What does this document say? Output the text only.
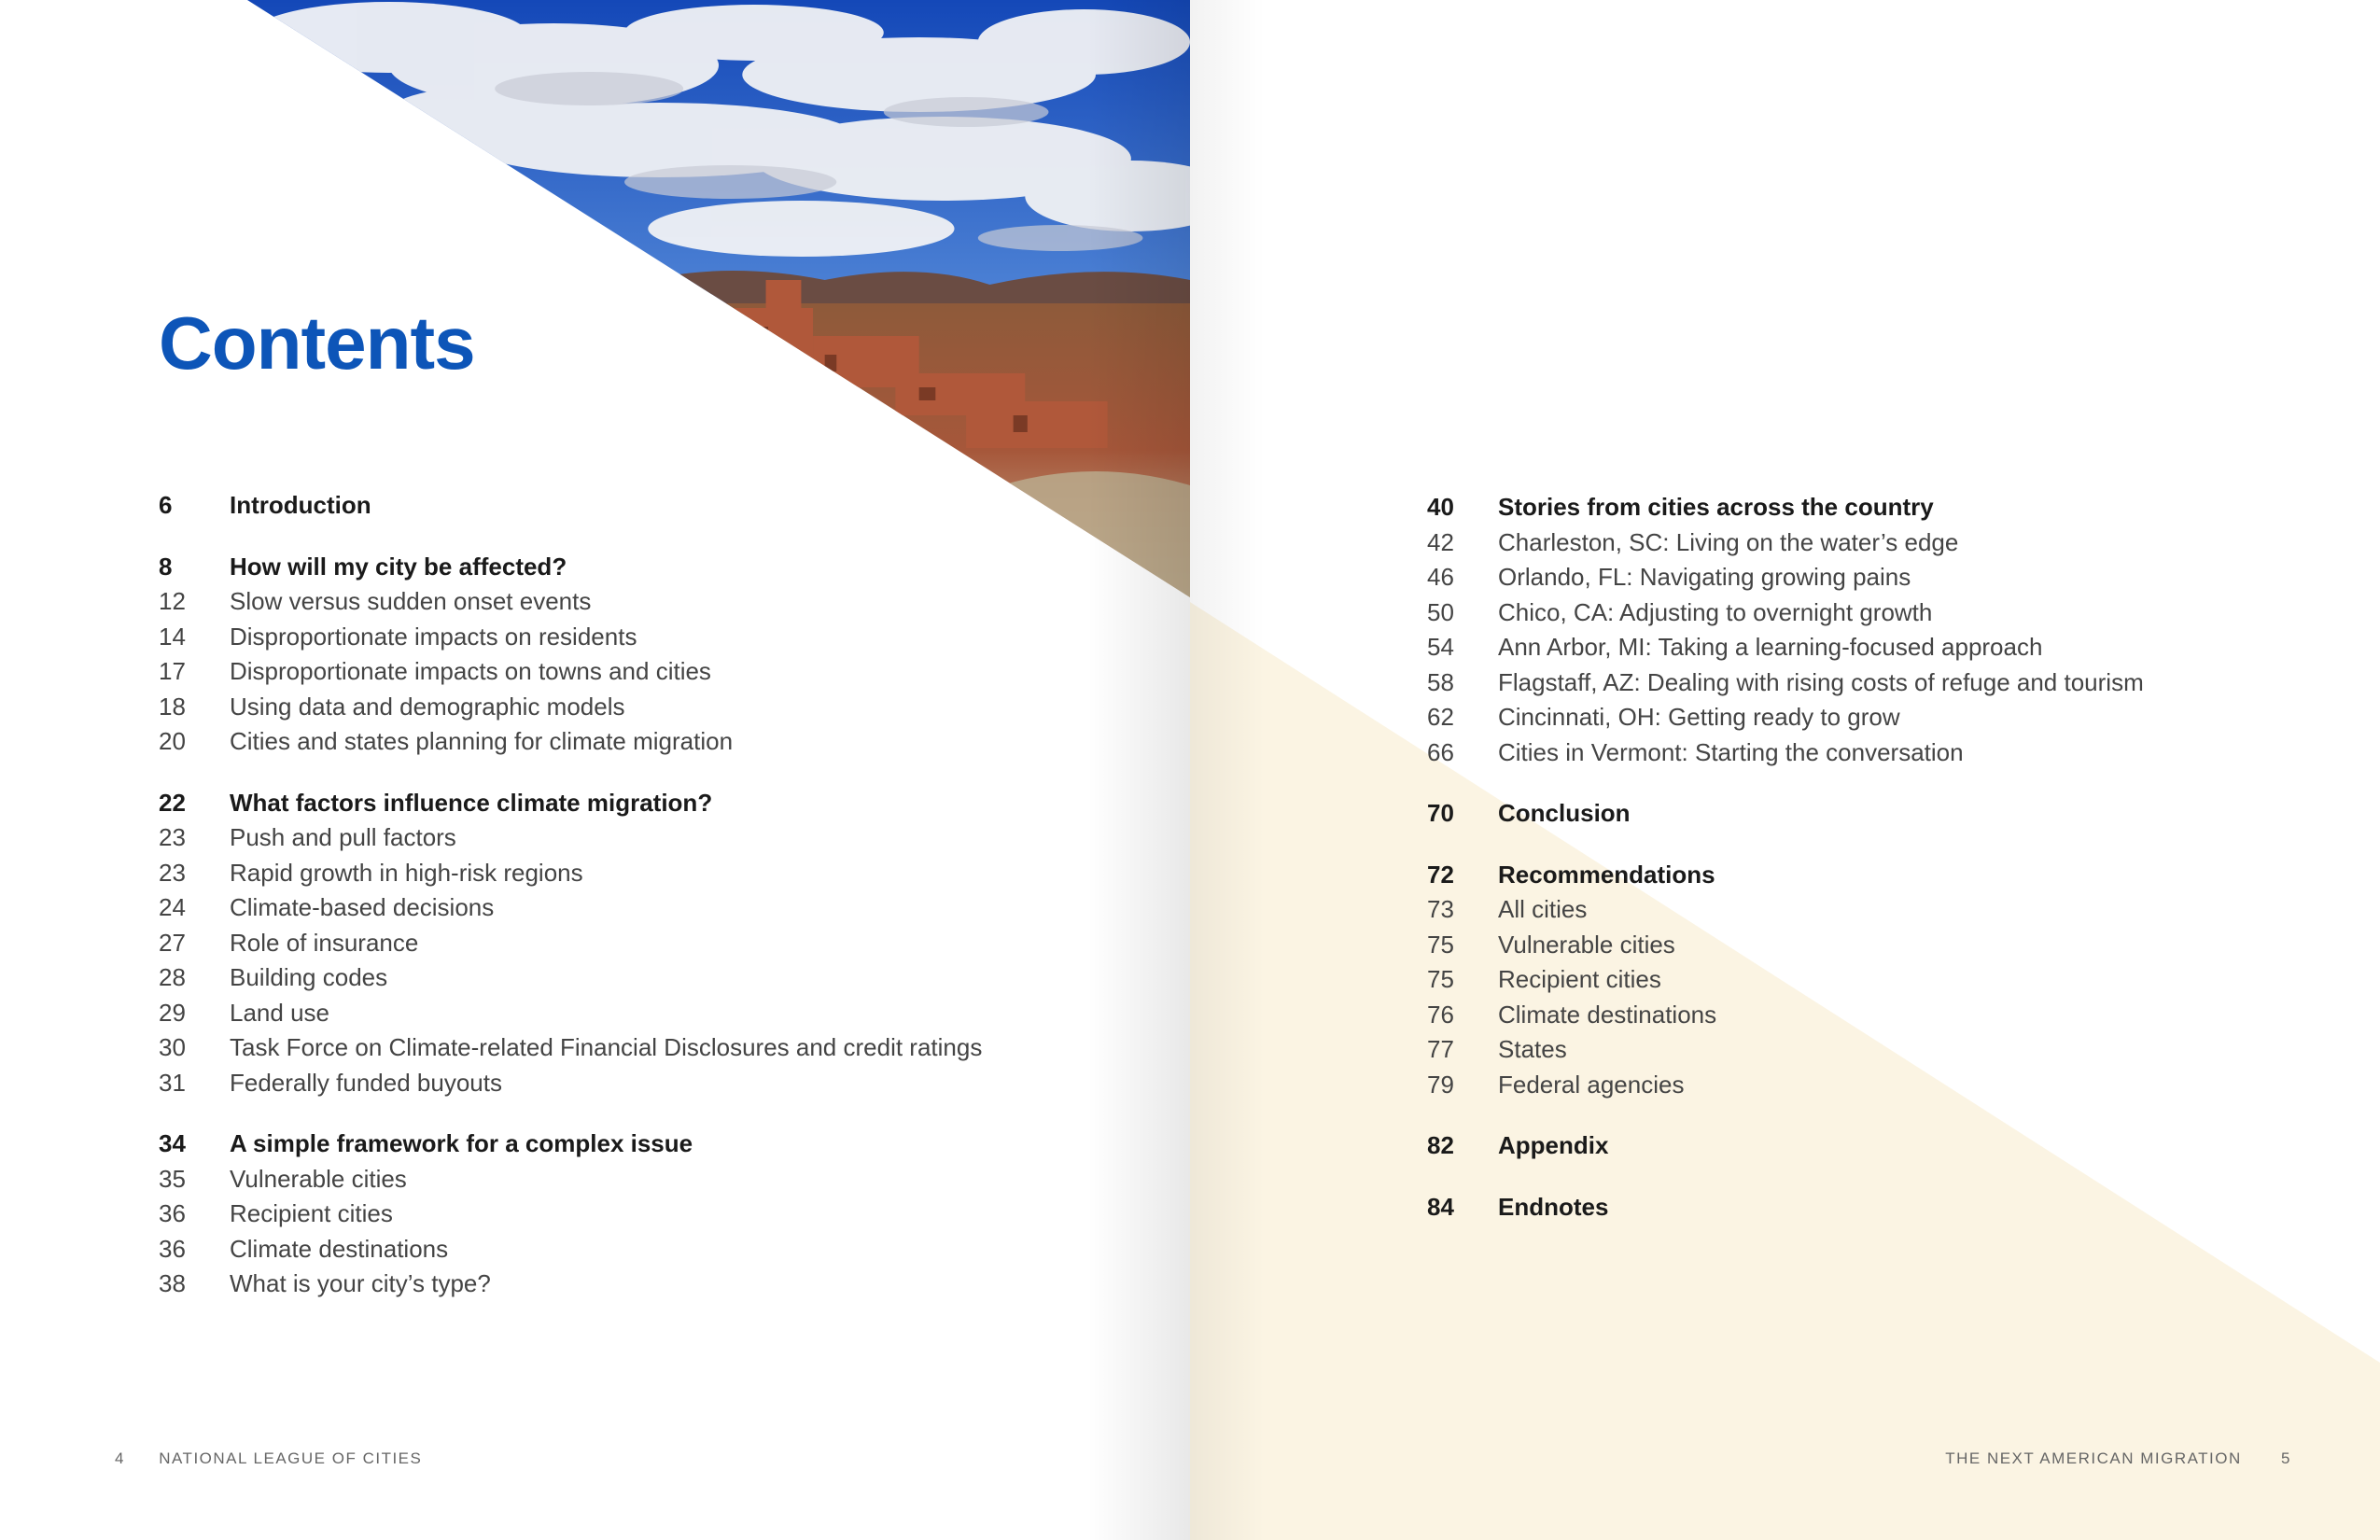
Contents
6	Introduction
8	How will my city be affected?
12	Slow versus sudden onset events
14	Disproportionate impacts on residents
17	Disproportionate impacts on towns and cities
18	Using data and demographic models
20	Cities and states planning for climate migration
22	What factors influence climate migration?
23	Push and pull factors
23	Rapid growth in high-risk regions
24	Climate-based decisions
27	Role of insurance
28	Building codes
29	Land use
30	Task Force on Climate-related Financial Disclosures and credit ratings
31	Federally funded buyouts
34	A simple framework for a complex issue
35	Vulnerable cities
36	Recipient cities
36	Climate destinations
38	What is your city’s type?
4 NATIONAL LEAGUE OF CITIES
40	Stories from cities across the country
42	Charleston, SC: Living on the water’s edge
46	Orlando, FL: Navigating growing pains
50	Chico, CA: Adjusting to overnight growth
54	Ann Arbor, MI: Taking a learning-focused approach
58	Flagstaff, AZ: Dealing with rising costs of refuge and tourism
62	Cincinnati, OH: Getting ready to grow
66	Cities in Vermont: Starting the conversation
70	Conclusion
72	Recommendations
73	All cities
75	Vulnerable cities
75	Recipient cities
76	Climate destinations
77	States
79	Federal agencies
82	Appendix
84	Endnotes
THE NEXT AMERICAN MIGRATION 5
